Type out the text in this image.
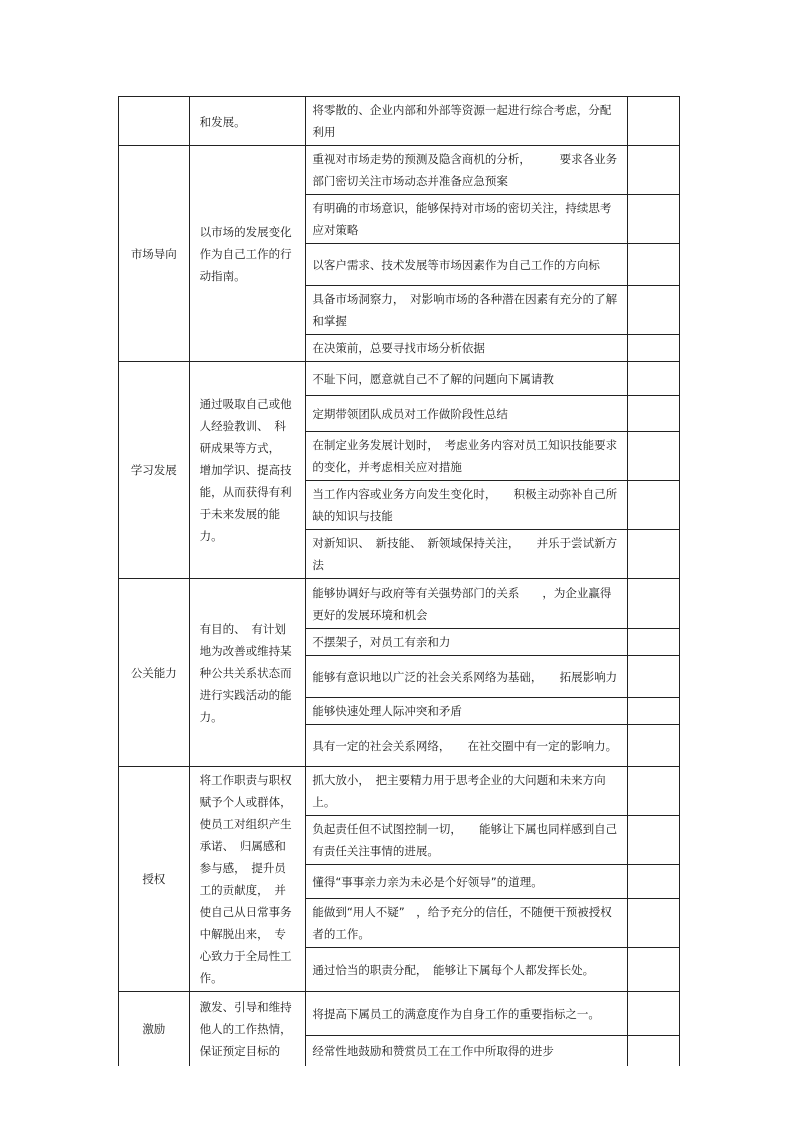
	和发展。	将零散的、企业内部和外部等资源一起进行综合考虑，分配利用	

市场导向	以市场的发展变化作为自己工作的行动指南。	重视对市场走势的预测及隐含商机的分析，　　　要求各业务部门密切关注市场动态并准备应急预案	

		有明确的市场意识，能够保持对市场的密切关注，持续思考应对策略	

		以客户需求、技术发展等市场因素作为自己工作的方向标	

		具备市场洞察力，　对影响市场的各种潜在因素有充分的了解和掌握	

		在决策前，总要寻找市场分析依据	

学习发展	通过吸取自己或他人经验教训、　科研成果等方式，　增加学识、提高技能，从而获得有利于未来发展的能力。	不耻下问，愿意就自己不了解的问题向下属请教	

		定期带领团队成员对工作做阶段性总结	

		在制定业务发展计划时，　考虑业务内容对员工知识技能要求的变化，并考虑相关应对措施	

		当工作内容或业务方向发生变化时，　　积极主动弥补自己所缺的知识与技能	

		对新知识、　新技能、　新领域保持关注，　　并乐于尝试新方法	

公关能力	有目的、　有计划地为改善或维持某种公共关系状态而进行实践活动的能力。	能够协调好与政府等有关强势部门的关系　　，为企业赢得更好的发展环境和机会	

		不摆架子，对员工有亲和力	

		能够有意识地以广泛的社会关系网络为基础，　　拓展影响力	

		能够快速处理人际冲突和矛盾	

		具有一定的社会关系网络，　　在社交圈中有一定的影响力。	

授权	将工作职责与职权赋予个人或群体，使员工对组织产生承诺、　归属感和参与感，　提升员工的贡献度，　并使自己从日常事务中解脱出来，　专心致力于全局性工作。	抓大放小，　把主要精力用于思考企业的大问题和未来方向上。	

		负起责任但不试图控制一切，　　能够让下属也同样感到自己有责任关注事情的进展。	

		懂得“事事亲力亲为未必是个好领导”的道理。	

		能做到“用人不疑”　，给予充分的信任，不随便干预被授权者的工作。	

		通过恰当的职责分配，　能够让下属每个人都发挥长处。	

激励	激发、引导和维持他人的工作热情，保证预定目标的	将提高下属员工的满意度作为自身工作的重要指标之一。	

		经常性地鼓励和赞赏员工在工作中所取得的进步	
